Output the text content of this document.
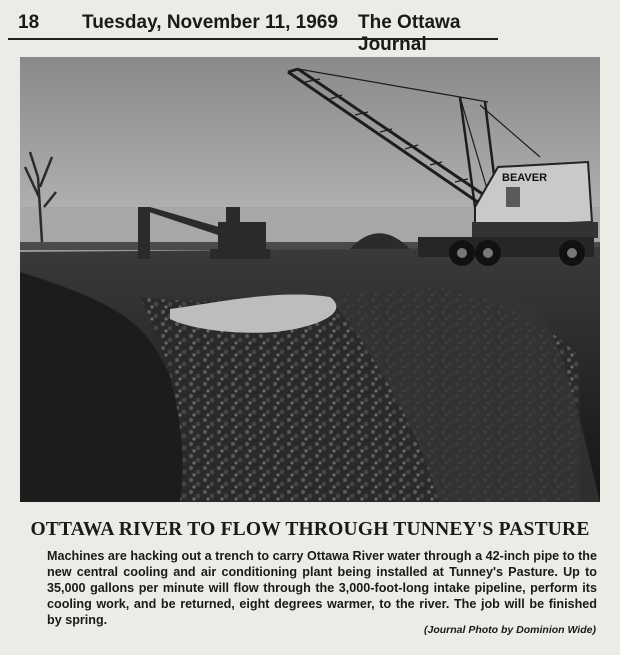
18 Tuesday, November 11, 1969 The Ottawa Journal
BEAVER
OTTAWA RIVER TO FLOW THROUGH TUNNEY'S PASTURE
Machines are hacking out a trench to carry Ottawa River water through a 42-inch pipe to the new central cooling and air conditioning plant being installed at Tunney's Pasture. Up to 35,000 gallons per minute will flow through the 3,000-foot-long intake pipeline, perform its cooling work, and be returned, eight degrees warmer, to the river. The job will be finished by spring.
(Journal Photo by Dominion Wide)
